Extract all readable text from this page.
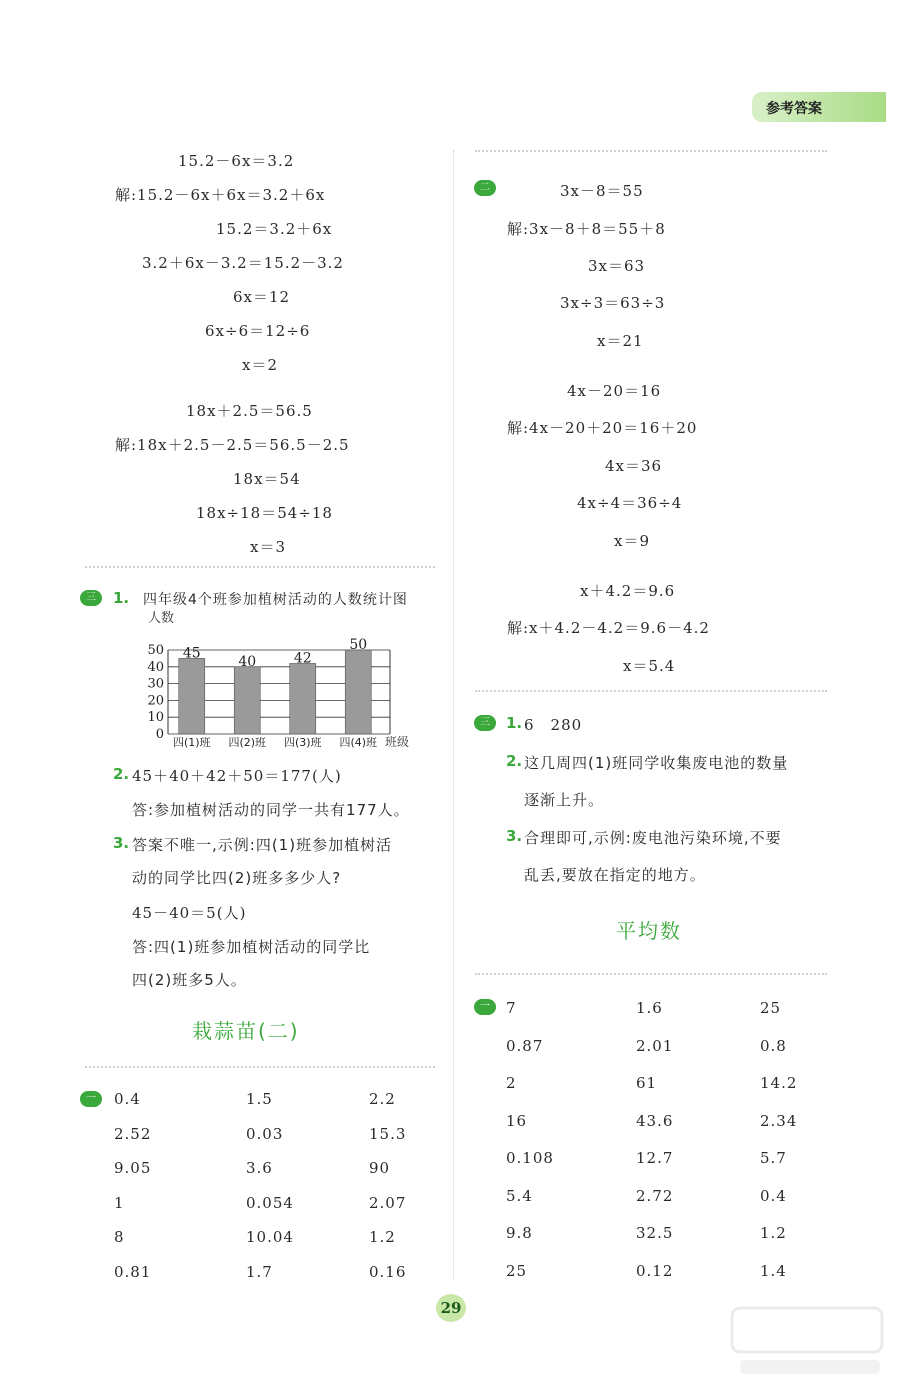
参考答案
15.2－6x＝3.2
解:15.2－6x＋6x＝3.2＋6x
15.2＝3.2＋6x
3.2＋6x－3.2＝15.2－3.2
6x＝12
6x÷6＝12÷6
x＝2
18x＋2.5＝56.5
解:18x＋2.5－2.5＝56.5－2.5
18x＝54
18x÷18＝54÷18
x＝3
三	1. 四年级4个班参加植树活动的人数统计图
人数
45
40	42
50
0
10
20
30
40
50
四(1)班 四(2)班 四(3)班 四(4)班 班级
2. 45＋40＋42＋50＝177(人)
答:参加植树活动的同学一共有177人。
3. 答案不唯一,示例:四(1)班参加植树活
动的同学比四(2)班多多少人?
45－40＝5(人)
答:四(1)班参加植树活动的同学比
四(2)班多5人。
栽蒜苗(二)
一	0.4	1.5	2.2
2.52	0.03	15.3
9.05	3.6	90
1	0.054	2.07
8	10.04	1.2
0.81	1.7	0.16
二	3x－8＝55
解:3x－8＋8＝55＋8
3x＝63
3x÷3＝63÷3
x＝21
4x－20＝16
解:4x－20＋20＝16＋20
4x＝36
4x÷4＝36÷4
x＝9
x＋4.2＝9.6
解:x＋4.2－4.2＝9.6－4.2
x＝5.4
三	1. 6　280
2. 这几周四(1)班同学收集废电池的数量
逐渐上升。
3. 合理即可,示例:废电池污染环境,不要
乱丢,要放在指定的地方。
平均数
一	7	1.6	25
0.87	2.01	0.8
2	61	14.2
16	43.6	2.34
0.108	12.7	5.7
5.4	2.72	0.4
9.8	32.5	1.2
25	0.12	1.4
29
